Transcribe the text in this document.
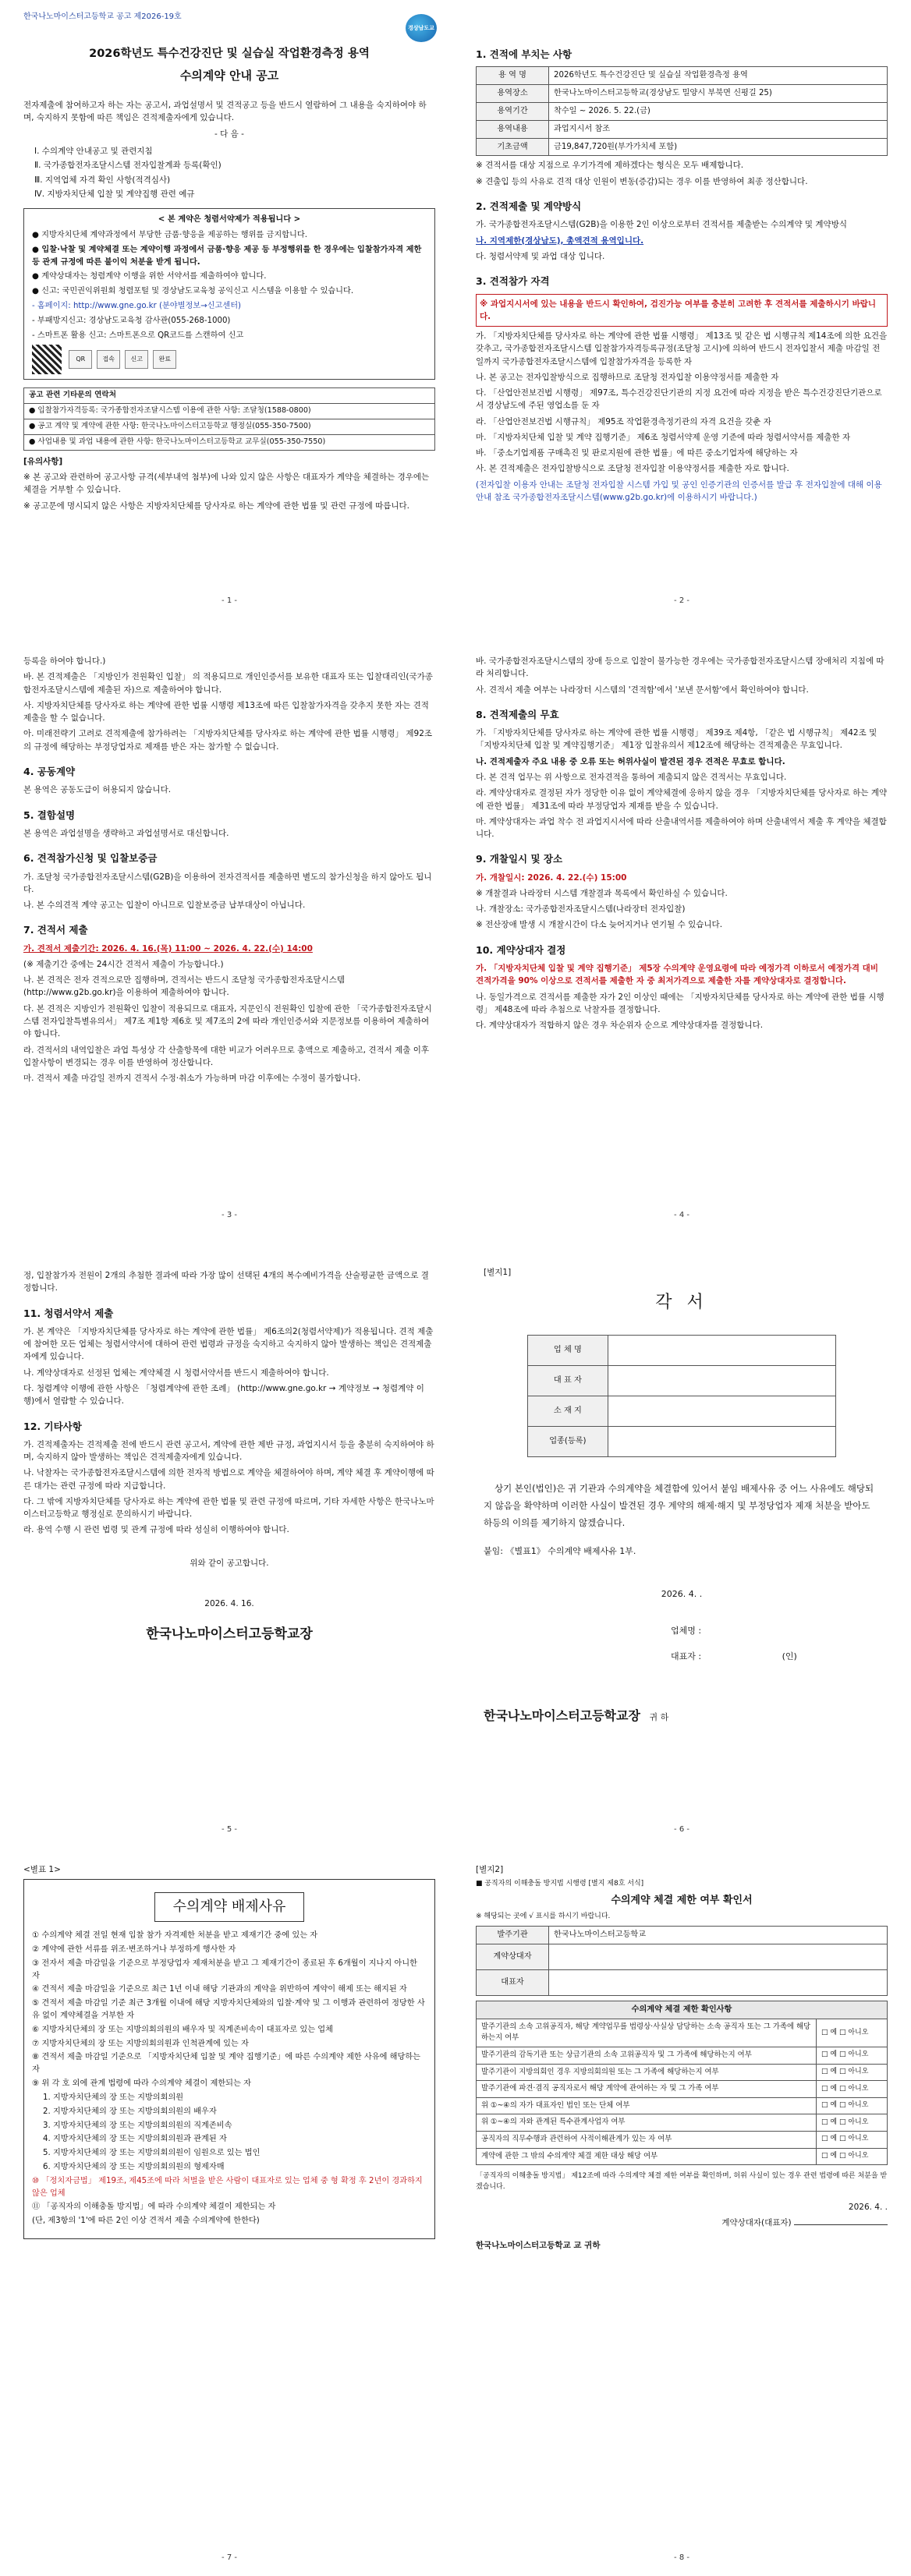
한국나노마이스터고등학교 공고 제2026-19호
경상남도교육청
2026학년도 특수건강진단 및 실습실 작업환경측정 용역
수의계약 안내 공고
전자제출에 참여하고자 하는 자는 공고서, 과업설명서 및 견적공고 등을 반드시 열람하여 그 내용을 숙지하여야 하며, 숙지하지 못함에 따른 책임은 견적제출자에게 있습니다.
- 다 음 -
Ⅰ. 수의계약 안내공고 및 관련지침
Ⅱ. 국가종합전자조달시스템 전자입찰계좌 등록(확인)
Ⅲ. 지역업체 자격 확인 사항(적격심사)
Ⅳ. 지방자치단체 입찰 및 계약집행 관련 예규
< 본 계약은 청렴서약제가 적용됩니다 >

● 지방자치단체 계약과정에서 부당한 금품·향응을 제공하는 행위를 금지합니다.

● 입찰·낙찰 및 계약체결 또는 계약이행 과정에서 금품·향응 제공 등 부정행위를 한 경우에는 입찰참가자격 제한 등 관계 규정에 따른 불이익 처분을 받게 됩니다.

● 계약상대자는 청렴계약 이행을 위한 서약서를 제출하여야 합니다.

● 신고: 국민권익위원회 청렴포털 및 경상남도교육청 공익신고 시스템을 이용할 수 있습니다.

- 홈페이지: http://www.gne.go.kr (분야별정보→신고센터)

- 부패방지신고: 경상남도교육청 감사관(055-268-1000)

- 스마트폰 활용 신고: 스마트폰으로 QR코드를 스캔하여 신고

QR	접속	신고	완료
공고 관련 기타문의 연락처
● 입찰참가자격등록: 국가종합전자조달시스템 이용에 관한 사항: 조달청(1588-0800)
● 공고 계약 및 계약에 관한 사항: 한국나노마이스터고등학교 행정실(055-350-7500)
● 사업내용 및 과업 내용에 관한 사항: 한국나노마이스터고등학교 교무실(055-350-7550)
[유의사항]
※ 본 공고와 관련하여 공고사항 규격(세부내역 첨부)에 나와 있지 않은 사항은 대표자가 계약을 체결하는 경우에는 체결을 거부할 수 있습니다.
※ 공고문에 명시되지 않은 사항은 지방자치단체를 당사자로 하는 계약에 관한 법률 및 관련 규정에 따릅니다.
- 1 -
1. 견적에 부치는 사항
용 역 명	2026학년도 특수건강진단 및 실습실 작업환경측정 용역
용역장소	한국나노마이스터고등학교(경상남도 밀양시 부북면 신평길 25)
용역기간	착수일 ~ 2026. 5. 22.(금)
용역내용	과업지시서 참조
기초금액	금19,847,720원(부가가치세 포함)
※ 견적서를 대상 지점으로 우기가격에 제하겠다는 형식은 모두 배제합니다.
※ 견출입 등의 사유로 견적 대상 인원이 변동(증감)되는 경우 이를 반영하여 최종 정산합니다.
2. 견적제출 및 계약방식
가. 국가종합전자조달시스템(G2B)을 이용한 2인 이상으로부터 견적서를 제출받는 수의계약 및 계약방식
나. 지역제한(경상남도), 총액견적 용역입니다.
다. 청렴서약제 및 과업 대상 입니다.
3. 견적참가 자격
※ 과업지시서에 있는 내용을 반드시 확인하여, 검진가능 여부를 충분히 고려한 후 견적서를 제출하시기 바랍니다.
가. 「지방자치단체를 당사자로 하는 계약에 관한 법률 시행령」 제13조 및 같은 법 시행규칙 제14조에 의한 요건을 갖추고, 국가종합전자조달시스템 입찰참가자격등록규정(조달청 고시)에 의하여 반드시 전자입찰서 제출 마감일 전일까지 국가종합전자조달시스템에 입찰참가자격을 등록한 자
나. 본 공고는 전자입찰방식으로 집행하므로 조달청 전자입찰 이용약정서를 제출한 자
다. 「산업안전보건법 시행령」 제97조, 특수건강진단기관의 지정 요건에 따라 지정을 받은 특수건강진단기관으로서 경상남도에 주된 영업소를 둔 자
라. 「산업안전보건법 시행규칙」 제95조 작업환경측정기관의 자격 요건을 갖춘 자
마. 「지방자치단체 입찰 및 계약 집행기준」 제6조 청렴서약제 운영 기준에 따라 청렴서약서를 제출한 자
바. 「중소기업제품 구매촉진 및 판로지원에 관한 법률」에 따른 중소기업자에 해당하는 자
사. 본 견적제출은 전자입찰방식으로 조달청 전자입찰 이용약정서를 제출한 자로 합니다.
(전자입찰 이용자 안내는 조달청 전자입찰 시스템 가입 및 공인 인증기관의 인증서를 발급 후 전자입찰에 대해 이용안내 참조 국가종합전자조달시스템(www.g2b.go.kr)에 이용하시기 바랍니다.)
- 2 -
등록을 하여야 합니다.)
바. 본 견적제출은 「지방인가 전원확인 입찰」 의 적용되므로 개인인증서를 보유한 대표자 또는 입찰대리인(국가종합전자조달시스템에 제출된 자)으로 제출하여야 합니다.
사. 지방자치단체를 당사자로 하는 계약에 관한 법률 시행령 제13조에 따른 입찰참가자격을 갖추지 못한 자는 견적제출을 할 수 없습니다.
아. 미래전략기 고려로 견적제출에 참가하려는 「지방자치단체를 당사자로 하는 계약에 관한 법률 시행령」 제92조의 규정에 해당하는 부정당업자로 제재를 받은 자는 참가할 수 없습니다.
4. 공동계약
본 용역은 공동도급이 허용되지 않습니다.
5. 결함설명
본 용역은 과업설명을 생략하고 과업설명서로 대신합니다.
6. 견적참가신청 및 입찰보증금
가. 조달청 국가종합전자조달시스템(G2B)을 이용하여 전자견적서를 제출하면 별도의 참가신청을 하지 않아도 됩니다.
나. 본 수의견적 계약 공고는 입찰이 아니므로 입찰보증금 납부대상이 아닙니다.
7. 견적서 제출
가. 견적서 제출기간: 2026. 4. 16.(목) 11:00 ~ 2026. 4. 22.(수) 14:00
(※ 제출기간 중에는 24시간 견적서 제출이 가능합니다.)
나. 본 견적은 전자 견적으로만 집행하며, 견적서는 반드시 조달청 국가종합전자조달시스템(http://www.g2b.go.kr)을 이용하여 제출하여야 합니다.
다. 본 견적은 지방인가 전원확인 입찰이 적용되므로 대표자, 지문인식 전원확인 입찰에 관한 「국가종합전자조달시스템 전자입찰특별유의서」 제7조 제1항 제6호 및 제7조의 2에 따라 개인인증서와 지문정보를 이용하여 제출하여야 합니다.
라. 견적서의 내역입찰은 과업 특성상 각 산출항목에 대한 비교가 어려우므로 총액으로 제출하고, 견적서 제출 이후 입찰사항이 변경되는 경우 이를 반영하여 정산합니다.
마. 견적서 제출 마감일 전까지 견적서 수정·취소가 가능하며 마감 이후에는 수정이 불가합니다.
- 3 -
바. 국가종합전자조달시스템의 장애 등으로 입찰이 불가능한 경우에는 국가종합전자조달시스템 장애처리 지침에 따라 처리합니다.
사. 견적서 제출 여부는 나라장터 시스템의 '견적함'에서 '보낸 문서함'에서 확인하여야 합니다.
8. 견적제출의 무효
가. 「지방자치단체를 당사자로 하는 계약에 관한 법률 시행령」 제39조 제4항, 「같은 법 시행규칙」 제42조 및 「지방자치단체 입찰 및 계약집행기준」 제1장 입찰유의서 제12조에 해당하는 견적제출은 무효입니다.
나. 견적제출자 주요 내용 중 오류 또는 허위사실이 발견된 경우 견적은 무효로 합니다.
다. 본 견적 업무는 위 사항으로 전자견적을 통하여 제출되지 않은 견적서는 무효입니다.
라. 계약상대자로 결정된 자가 정당한 이유 없이 계약체결에 응하지 않을 경우 「지방자치단체를 당사자로 하는 계약에 관한 법률」 제31조에 따라 부정당업자 제재를 받을 수 있습니다.
마. 계약상대자는 과업 착수 전 과업지시서에 따라 산출내역서를 제출하여야 하며 산출내역서 제출 후 계약을 체결합니다.
9. 개찰일시 및 장소
가. 개찰일시: 2026. 4. 22.(수) 15:00
※ 개찰결과 나라장터 시스템 개찰결과 목록에서 확인하실 수 있습니다.
나. 개찰장소: 국가종합전자조달시스템(나라장터 전자입찰)
※ 전산장애 발생 시 개찰시간이 다소 늦어지거나 연기될 수 있습니다.
10. 계약상대자 결정
가. 「지방자치단체 입찰 및 계약 집행기준」 제5장 수의계약 운영요령에 따라 예정가격 이하로서 예정가격 대비 견적가격을 90% 이상으로 견적서를 제출한 자 중 최저가격으로 제출한 자를 계약상대자로 결정합니다.
나. 동일가격으로 견적서를 제출한 자가 2인 이상인 때에는 「지방자치단체를 당사자로 하는 계약에 관한 법률 시행령」 제48조에 따라 추첨으로 낙찰자를 결정합니다.
다. 계약상대자가 적합하지 않은 경우 차순위자 순으로 계약상대자를 결정합니다.
- 4 -
정, 입찰참가자 전원이 2개의 추첨한 결과에 따라 가장 많이 선택된 4개의 복수예비가격을 산술평균한 금액으로 결정합니다.
11. 청렴서약서 제출
가. 본 계약은 「지방자치단체를 당사자로 하는 계약에 관한 법률」 제6조의2(청렴서약제)가 적용됩니다. 견적 제출에 참여한 모든 업체는 청렴서약서에 대하여 관련 법령과 규정을 숙지하고 숙지하지 않아 발생하는 책임은 견적제출자에게 있습니다.
나. 계약상대자로 선정된 업체는 계약체결 시 청렴서약서를 반드시 제출하여야 합니다.
다. 청렴계약 이행에 관한 사항은 「청렴계약에 관한 조례」 (http://www.gne.go.kr → 계약정보 → 청렴계약 이행)에서 열람할 수 있습니다.
12. 기타사항
가. 견적제출자는 견적제출 전에 반드시 관련 공고서, 계약에 관한 제반 규정, 과업지시서 등을 충분히 숙지하여야 하며, 숙지하지 않아 발생하는 책임은 견적제출자에게 있습니다.
나. 낙찰자는 국가종합전자조달시스템에 의한 전자적 방법으로 계약을 체결하여야 하며, 계약 체결 후 계약이행에 따른 대가는 관련 규정에 따라 지급합니다.
다. 그 밖에 지방자치단체를 당사자로 하는 계약에 관한 법률 및 관련 규정에 따르며, 기타 자세한 사항은 한국나노마이스터고등학교 행정실로 문의하시기 바랍니다.
라. 용역 수행 시 관련 법령 및 관계 규정에 따라 성실히 이행하여야 합니다.
위와 같이 공고합니다.
2026. 4. 16.
한국나노마이스터고등학교장
- 5 -
[별지1]
각 서
업 체 명	
대 표 자	
소 재 지	
업종(등록)	
상기 본인(법인)은 귀 기관과 수의계약을 체결함에 있어서 붙임 배제사유 중 어느 사유에도 해당되지 않음을 확약하며 이러한 사실이 발견된 경우 계약의 해제·해지 및 부정당업자 제재 처분을 받아도 하등의 이의를 제기하지 않겠습니다.
붙임: 《별표1》 수의계약 배제사유 1부.
2026. 4. .
업체명 :
대표자 :	(인)
한국나노마이스터고등학교장 귀 하
- 6 -
<별표 1>
수의계약 배제사유
① 수의계약 체결 전일 현재 입찰 참가 자격제한 처분을 받고 제재기간 중에 있는 자
② 계약에 관한 서류를 위조·변조하거나 부정하게 행사한 자
③ 전자서 제출 마감일을 기준으로 부정당업자 제재처분을 받고 그 제재기간이 종료된 후 6개월이 지나지 아니한 자
④ 견적서 제출 마감일을 기준으로 최근 1년 이내 해당 기관과의 계약을 위반하여 계약이 해제 또는 해지된 자
⑤ 견적서 제출 마감일 기준 최근 3개월 이내에 해당 지방자치단체와의 입찰·계약 및 그 이행과 관련하여 정당한 사유 없이 계약체결을 거부한 자
⑥ 지방자치단체의 장 또는 지방의회의원의 배우자 및 직계존비속이 대표자로 있는 업체
⑦ 지방자치단체의 장 또는 지방의회의원과 인척관계에 있는 자
⑧ 견적서 제출 마감일 기준으로 「지방자치단체 입찰 및 계약 집행기준」에 따른 수의계약 제한 사유에 해당하는 자
⑨ 위 각 호 외에 관계 법령에 따라 수의계약 체결이 제한되는 자
1. 지방자치단체의 장 또는 지방의회의원
2. 지방자치단체의 장 또는 지방의회의원의 배우자
3. 지방자치단체의 장 또는 지방의회의원의 직계존비속
4. 지방자치단체의 장 또는 지방의회의원과 관계된 자
5. 지방자치단체의 장 또는 지방의회의원이 임원으로 있는 법인
6. 지방자치단체의 장 또는 지방의회의원의 형제자매
⑩ 「정치자금법」 제19조, 제45조에 따라 처벌을 받은 사람이 대표자로 있는 업체 중 형 확정 후 2년이 경과하지 않은 업체
⑪ 「공직자의 이해충돌 방지법」에 따라 수의계약 체결이 제한되는 자
(단, 제3항의 '1'에 따른 2인 이상 견적서 제출 수의계약에 한한다)
- 7 -
[별지2]
■ 공직자의 이해충돌 방지법 시행령 [별지 제8호 서식]
수의계약 체결 제한 여부 확인서
※ 해당되는 곳에 √ 표시를 하시기 바랍니다.
발주기관	한국나노마이스터고등학교
계약상대자	
대표자	
수의계약 체결 제한 확인사항	
발주기관의 소속 고위공직자, 해당 계약업무를 법령상·사실상 담당하는 소속 공직자 또는 그 가족에 해당하는지 여부	□ 예 □ 아니오
발주기관의 감독기관 또는 상급기관의 소속 고위공직자 및 그 가족에 해당하는지 여부	□ 예 □ 아니오
발주기관이 지방의회인 경우 지방의회의원 또는 그 가족에 해당하는지 여부	□ 예 □ 아니오
발주기관에 파견·겸직 공직자로서 해당 계약에 관여하는 자 및 그 가족 여부	□ 예 □ 아니오
위 ①~④의 자가 대표자인 법인 또는 단체 여부	□ 예 □ 아니오
위 ①~④의 자와 관계된 특수관계사업자 여부	□ 예 □ 아니오
공직자의 직무수행과 관련하여 사적이해관계가 있는 자 여부	□ 예 □ 아니오
계약에 관한 그 밖의 수의계약 체결 제한 대상 해당 여부	□ 예 □ 아니오
「공직자의 이해충돌 방지법」 제12조에 따라 수의계약 체결 제한 여부를 확인하며, 허위 사실이 있는 경우 관련 법령에 따른 처분을 받겠습니다.
2026. 4. .
계약상대자(대표자)
한국나노마이스터고등학교 교 귀하
- 8 -
